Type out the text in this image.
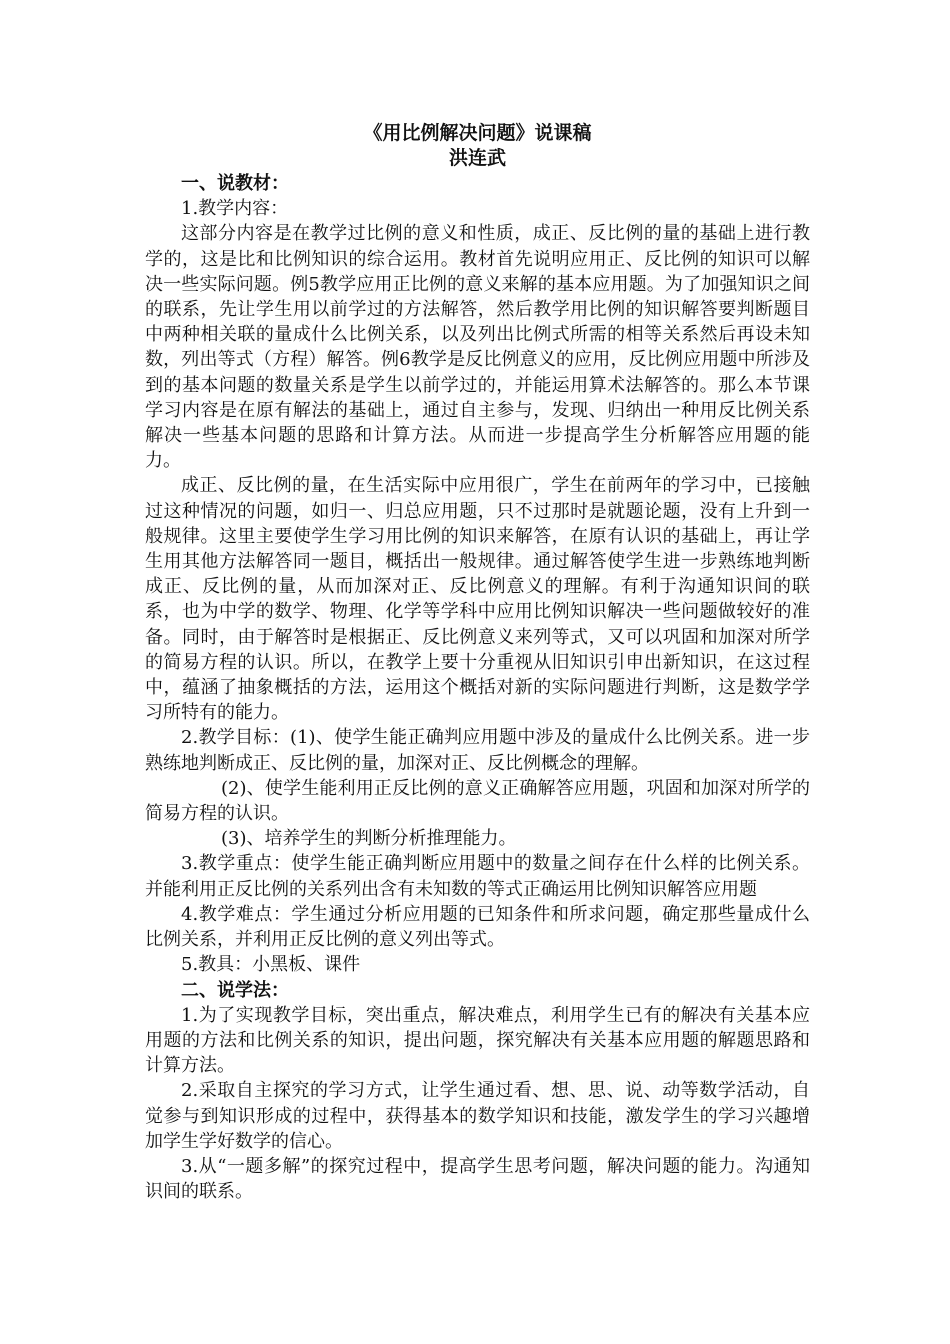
《用比例解决问题》说课稿
洪连武
一、说教材：
1.教学内容：

这部分内容是在教学过比例的意义和性质，成正、反比例的量的基础上进行教学的，这是比和比例知识的综合运用。教材首先说明应用正、反比例的知识可以解决一些实际问题。例5教学应用正比例的意义来解的基本应用题。为了加强知识之间的联系，先让学生用以前学过的方法解答，然后教学用比例的知识解答要判断题目中两种相关联的量成什么比例关系，以及列出比例式所需的相等关系然后再设未知数，列出等式（方程）解答。例6教学是反比例意义的应用，反比例应用题中所涉及到的基本问题的数量关系是学生以前学过的，并能运用算术法解答的。那么本节课学习内容是在原有解法的基础上，通过自主参与，发现、归纳出一种用反比例关系解决一些基本问题的思路和计算方法。从而进一步提高学生分析解答应用题的能力。

成正、反比例的量，在生活实际中应用很广，学生在前两年的学习中，已接触过这种情况的问题，如归一、归总应用题，只不过那时是就题论题，没有上升到一般规律。这里主要使学生学习用比例的知识来解答，在原有认识的基础上，再让学生用其他方法解答同一题目，概括出一般规律。通过解答使学生进一步熟练地判断成正、反比例的量，从而加深对正、反比例意义的理解。有利于沟通知识间的联系，也为中学的数学、物理、化学等学科中应用比例知识解决一些问题做较好的准备。同时，由于解答时是根据正、反比例意义来列等式，又可以巩固和加深对所学的简易方程的认识。所以，在教学上要十分重视从旧知识引申出新知识，在这过程中，蕴涵了抽象概括的方法，运用这个概括对新的实际问题进行判断，这是数学学习所特有的能力。

2.教学目标：(1)、使学生能正确判应用题中涉及的量成什么比例关系。进一步熟练地判断成正、反比例的量，加深对正、反比例概念的理解。

(2)、使学生能利用正反比例的意义正确解答应用题，巩固和加深对所学的简易方程的认识。

(3)、培养学生的判断分析推理能力。

3.教学重点：使学生能正确判断应用题中的数量之间存在什么样的比例关系。并能利用正反比例的关系列出含有未知数的等式正确运用比例知识解答应用题

4.教学难点：学生通过分析应用题的已知条件和所求问题，确定那些量成什么比例关系，并利用正反比例的意义列出等式。

5.教具：小黑板、课件

二、说学法：

1.为了实现教学目标，突出重点，解决难点，利用学生已有的解决有关基本应用题的方法和比例关系的知识，提出问题，探究解决有关基本应用题的解题思路和计算方法。

2.采取自主探究的学习方式，让学生通过看、想、思、说、动等数学活动，自觉参与到知识形成的过程中，获得基本的数学知识和技能，激发学生的学习兴趣增加学生学好数学的信心。

3.从“一题多解”的探究过程中，提高学生思考问题，解决问题的能力。沟通知识间的联系。
